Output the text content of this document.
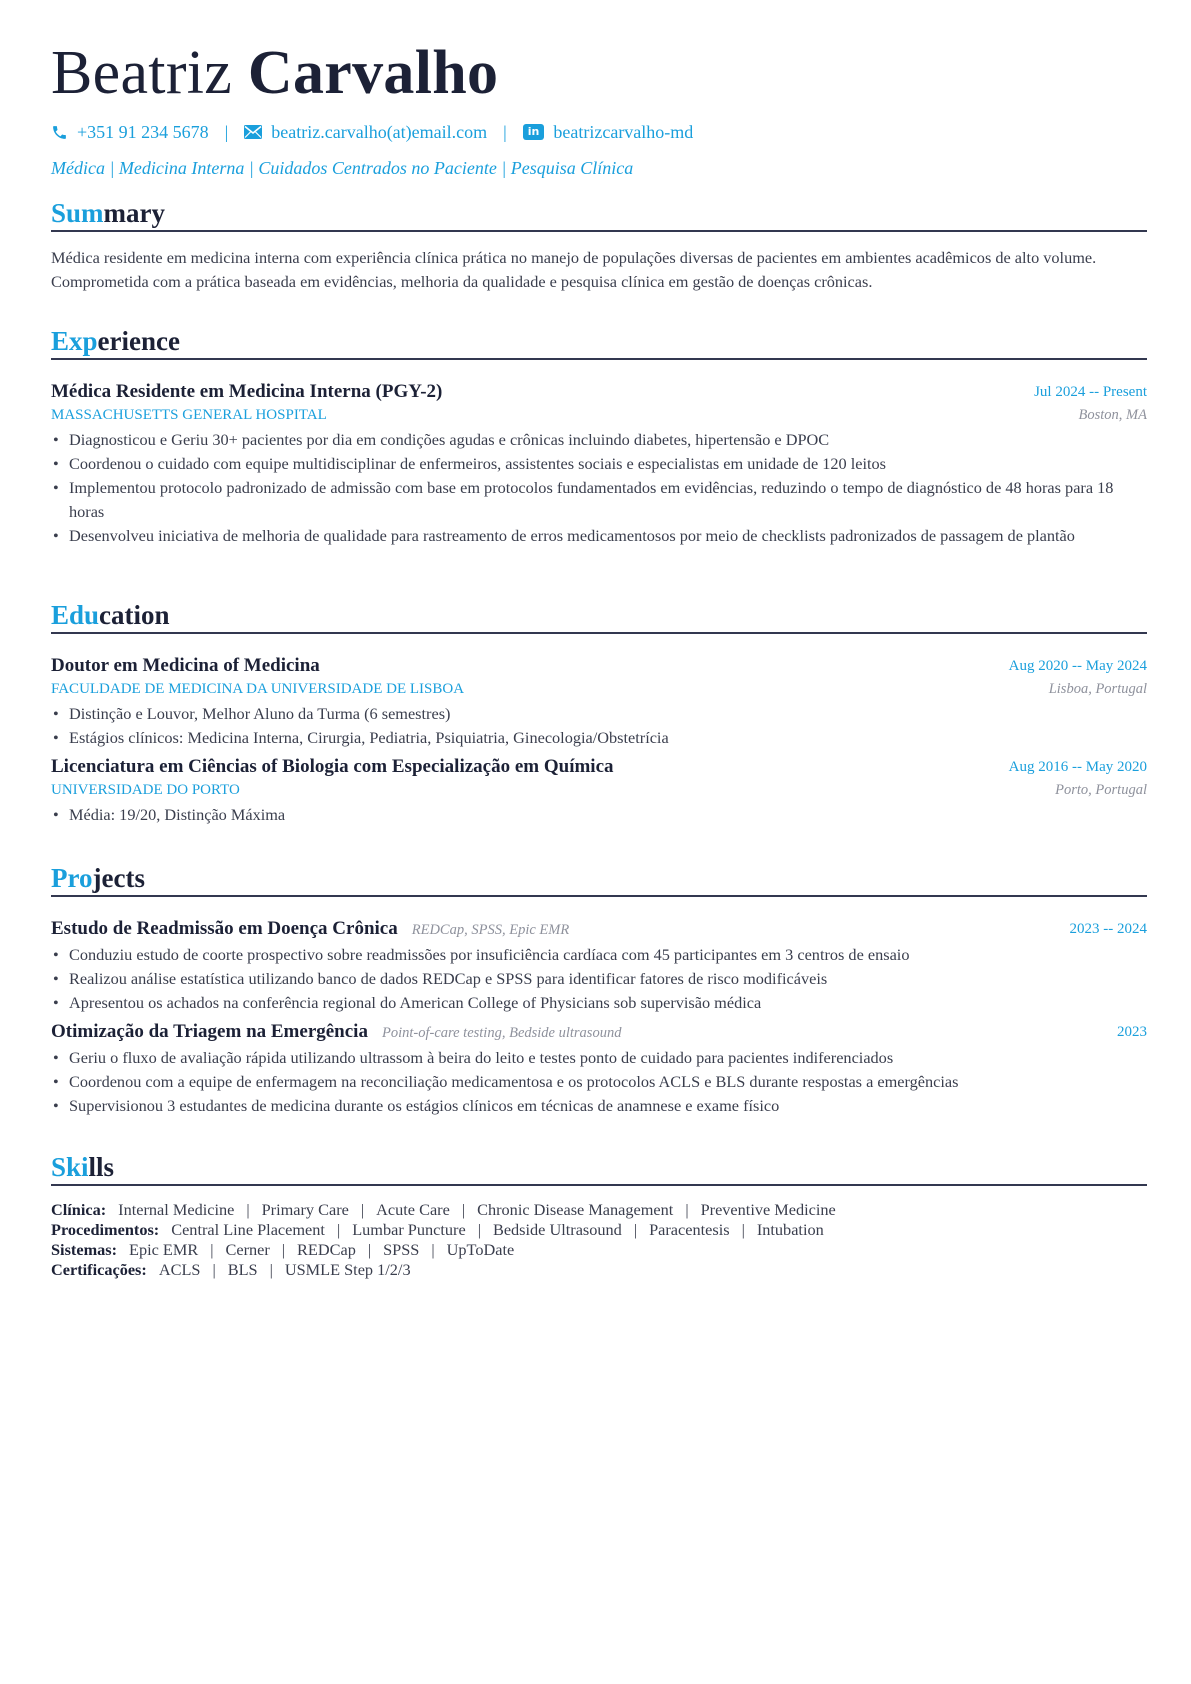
Beatriz Carvalho
+351 91 234 5678 | beatriz.carvalho(at)email.com |	in beatrizcarvalho-md
Médica | Medicina Interna | Cuidados Centrados no Paciente | Pesquisa Clínica
Summary
Médica residente em medicina interna com experiência clínica prática no manejo de populações diversas de pacientes em ambientes acadêmicos de alto volume. Comprometida com a prática baseada em evidências, melhoria da qualidade e pesquisa clínica em gestão de doenças crônicas.
Experience
Médica Residente em Medicina Interna (PGY-2)	Jul 2024 -- Present
MASSACHUSETTS GENERAL HOSPITAL	Boston, MA
• Diagnosticou e Geriu 30+ pacientes por dia em condições agudas e crônicas incluindo diabetes, hipertensão e DPOC
• Coordenou o cuidado com equipe multidisciplinar de enfermeiros, assistentes sociais e especialistas em unidade de 120 leitos
• Implementou protocolo padronizado de admissão com base em protocolos fundamentados em evidências, reduzindo o tempo de diagnóstico de 48 horas para 18 horas
• Desenvolveu iniciativa de melhoria de qualidade para rastreamento de erros medicamentosos por meio de checklists padronizados de passagem de plantão
Education
Doutor em Medicina of Medicina	Aug 2020 -- May 2024
FACULDADE DE MEDICINA DA UNIVERSIDADE DE LISBOA	Lisboa, Portugal
• Distinção e Louvor, Melhor Aluno da Turma (6 semestres)
• Estágios clínicos: Medicina Interna, Cirurgia, Pediatria, Psiquiatria, Ginecologia/Obstetrícia
Licenciatura em Ciências of Biologia com Especialização em Química	Aug 2016 -- May 2020
UNIVERSIDADE DO PORTO	Porto, Portugal
• Média: 19/20, Distinção Máxima
Projects
Estudo de Readmissão em Doença Crônica REDCap, SPSS, Epic EMR	2023 -- 2024
• Conduziu estudo de coorte prospectivo sobre readmissões por insuficiência cardíaca com 45 participantes em 3 centros de ensaio
• Realizou análise estatística utilizando banco de dados REDCap e SPSS para identificar fatores de risco modificáveis
• Apresentou os achados na conferência regional do American College of Physicians sob supervisão médica
Otimização da Triagem na Emergência Point-of-care testing, Bedside ultrasound	2023
• Geriu o fluxo de avaliação rápida utilizando ultrassom à beira do leito e testes ponto de cuidado para pacientes indiferenciados
• Coordenou com a equipe de enfermagem na reconciliação medicamentosa e os protocolos ACLS e BLS durante respostas a emergências
• Supervisionou 3 estudantes de medicina durante os estágios clínicos em técnicas de anamnese e exame físico
Skills
Clínica: Internal Medicine | Primary Care | Acute Care | Chronic Disease Management | Preventive Medicine
Procedimentos: Central Line Placement | Lumbar Puncture | Bedside Ultrasound | Paracentesis | Intubation
Sistemas: Epic EMR | Cerner | REDCap | SPSS | UpToDate
Certificações: ACLS | BLS | USMLE Step 1/2/3
